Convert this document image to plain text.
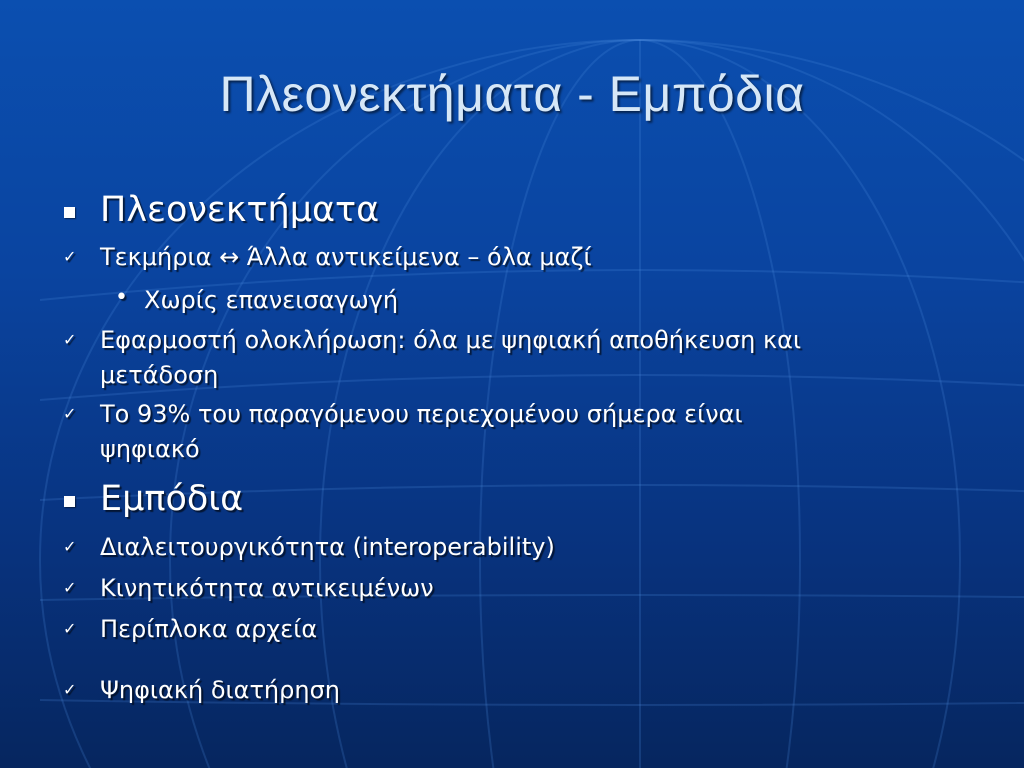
Πλεονεκτήματα - Εμπόδια
Πλεονεκτήματα
✓ Τεκμήρια ↔ Άλλα αντικείμενα – όλα μαζί
• Χωρίς επανεισαγωγή
✓ Εφαρμοστή ολοκλήρωση: όλα με ψηφιακή αποθήκευση και
μετάδοση
✓ Το 93% του παραγόμενου περιεχομένου σήμερα είναι
ψηφιακό
Εμπόδια
✓ Διαλειτουργικότητα (interoperability)
✓ Κινητικότητα αντικειμένων
✓ Περίπλοκα αρχεία
✓ Ψηφιακή διατήρηση
